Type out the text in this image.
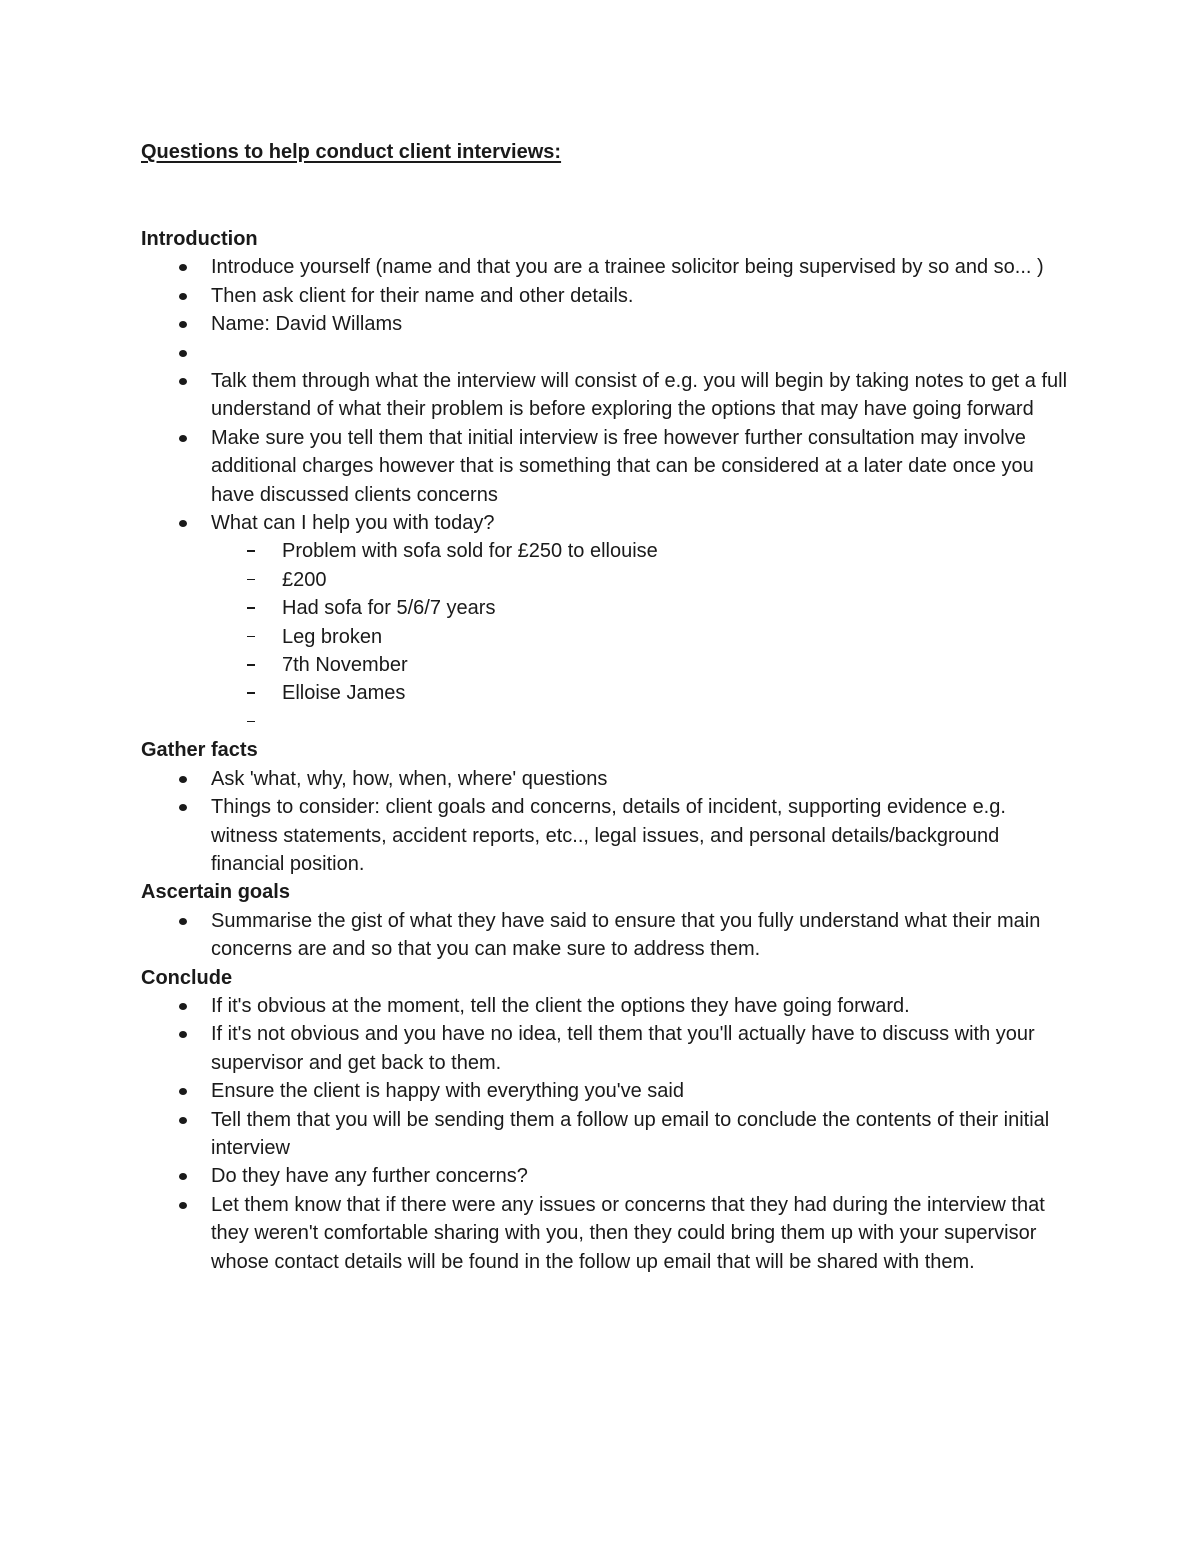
Questions to help conduct client interviews:

Introduction

Introduce yourself (name and that you are a trainee solicitor being supervised by so and so... )
Then ask client for their name and other details.
Name: David Willams
Talk them through what the interview will consist of e.g. you will begin by taking notes to get a full understand of what their problem is before exploring the options that may have going forward
Make sure you tell them that initial interview is free however further consultation may involve additional charges however that is something that can be considered at a later date once you have discussed clients concerns
What can I help you with today?
Problem with sofa sold for £250 to ellouise
£200
Had sofa for 5/6/7 years
Leg broken
7th November
Elloise James

Gather facts

Ask 'what, why, how, when, where' questions
Things to consider: client goals and concerns, details of incident, supporting evidence e.g. witness statements, accident reports, etc.., legal issues, and personal details/background financial position.

Ascertain goals

Summarise the gist of what they have said to ensure that you fully understand what their main concerns are and so that you can make sure to address them.

Conclude

If it's obvious at the moment, tell the client the options they have going forward.
If it's not obvious and you have no idea, tell them that you'll actually have to discuss with your supervisor and get back to them.
Ensure the client is happy with everything you've said
Tell them that you will be sending them a follow up email to conclude the contents of their initial interview
Do they have any further concerns?
Let them know that if there were any issues or concerns that they had during the interview that they weren't comfortable sharing with you, then they could bring them up with your supervisor whose contact details will be found in the follow up email that will be shared with them.
